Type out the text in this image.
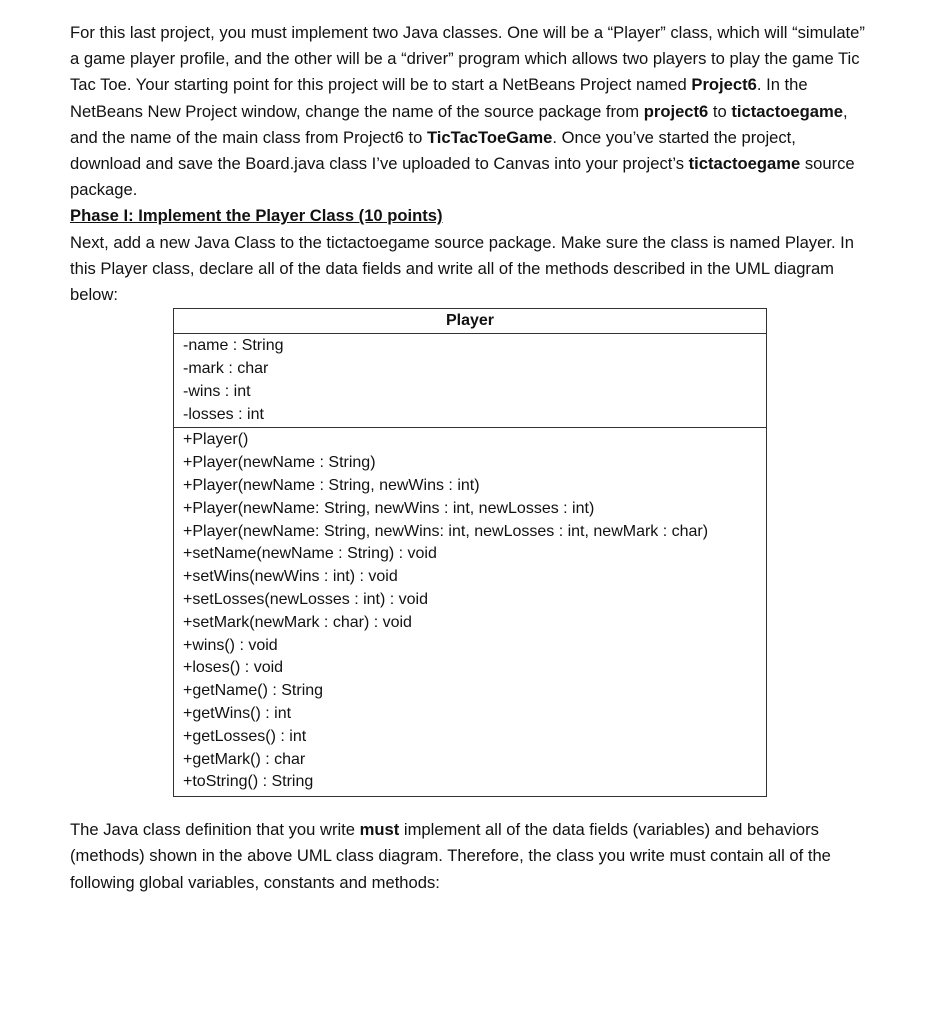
For this last project, you must implement two Java classes. One will be a “Player” class, which will “simulate” a game player profile, and the other will be a “driver” program which allows two players to play the game Tic Tac Toe. Your starting point for this project will be to start a NetBeans Project named Project6. In the NetBeans New Project window, change the name of the source package from project6 to tictactoegame, and the name of the main class from Project6 to TicTacToeGame. Once you’ve started the project, download and save the Board.java class I’ve uploaded to Canvas into your project’s tictactoegame source package.

Phase I: Implement the Player Class (10 points)

Next, add a new Java Class to the tictactoegame source package. Make sure the class is named Player. In this Player class, declare all of the data fields and write all of the methods described in the UML diagram below:

Player
-name : String
-mark : char
-wins : int
-losses : int
+Player()
+Player(newName : String)
+Player(newName : String, newWins : int)
+Player(newName: String, newWins : int, newLosses : int)
+Player(newName: String, newWins: int, newLosses : int, newMark : char)
+setName(newName : String) : void
+setWins(newWins : int) : void
+setLosses(newLosses : int) : void
+setMark(newMark : char) : void
+wins() : void
+loses() : void
+getName() : String
+getWins() : int
+getLosses() : int
+getMark() : char
+toString() : String

The Java class definition that you write must implement all of the data fields (variables) and behaviors (methods) shown in the above UML class diagram. Therefore, the class you write must contain all of the following global variables, constants and methods:
